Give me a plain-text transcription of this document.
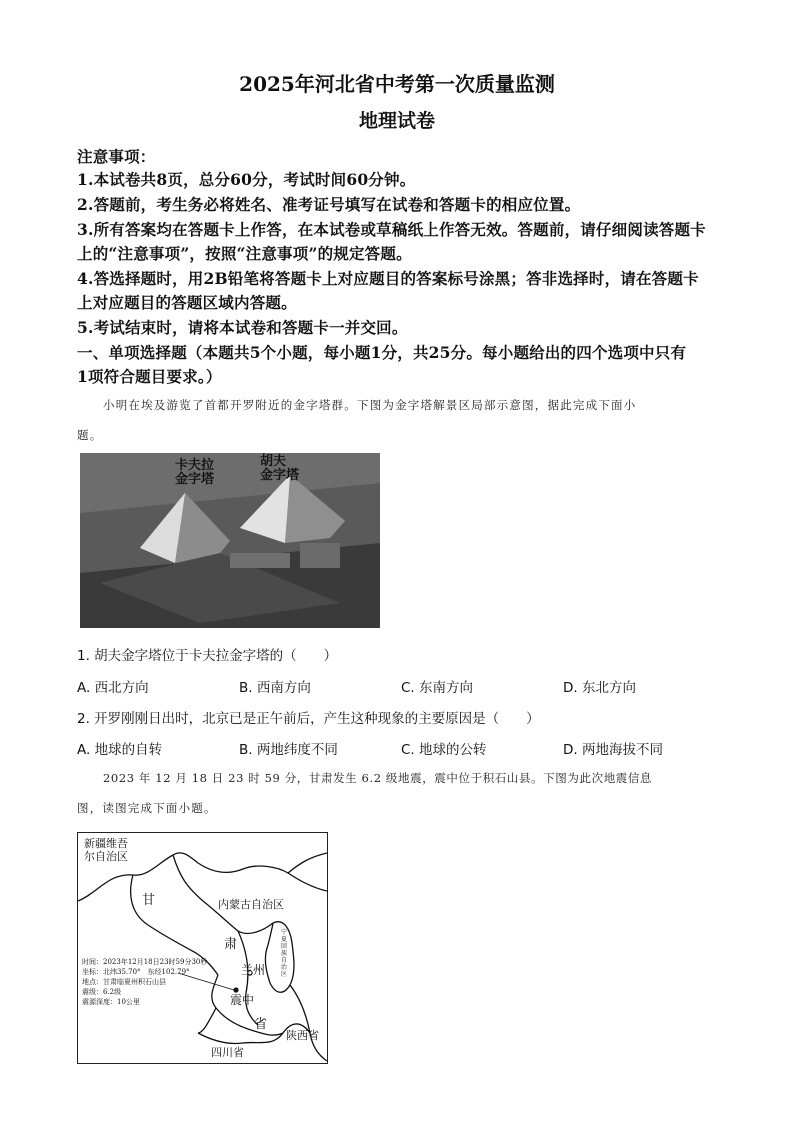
2025年河北省中考第一次质量监测
地理试卷
注意事项：
1.本试卷共8页，总分60分，考试时间60分钟。
2.答题前，考生务必将姓名、准考证号填写在试卷和答题卡的相应位置。
3.所有答案均在答题卡上作答，在本试卷或草稿纸上作答无效。答题前，请仔细阅读答题卡
上的“注意事项”，按照“注意事项”的规定答题。
4.答选择题时，用2B铅笔将答题卡上对应题目的答案标号涂黑；答非选择时，请在答题卡
上对应题目的答题区域内答题。
5.考试结束时，请将本试卷和答题卡一并交回。
一、单项选择题（本题共5个小题，每小题1分，共25分。每小题给出的四个选项中只有
1项符合题目要求。）
小明在埃及游览了首都开罗附近的金字塔群。下图为金字塔解景区局部示意图，据此完成下面小
题。
卡夫拉
金字塔
胡夫
金字塔
1. 胡夫金字塔位于卡夫拉金字塔的（　　）
A. 西北方向	B. 西南方向	C. 东南方向	D. 东北方向
2. 开罗刚刚日出时，北京已是正午前后，产生这种现象的主要原因是（　　）
A. 地球的自转	B. 两地纬度不同	C. 地球的公转	D. 两地海拔不同
2023 年 12 月 18 日 23 时 59 分，甘肃发生 6.2 级地震，震中位于积石山县。下图为此次地震信息
图，读图完成下面小题。
新疆维吾
尔自治区
甘
肃
省
内蒙古自治区
宁
夏
回
族
自
治
区
兰州
震中
陕西省
四川省
时间：2023年12月18日23时59分30秒
坐标：北纬35.70°　东经102.79°
地点：甘肃临夏州积石山县
震级：6.2级
震源深度：10公里
